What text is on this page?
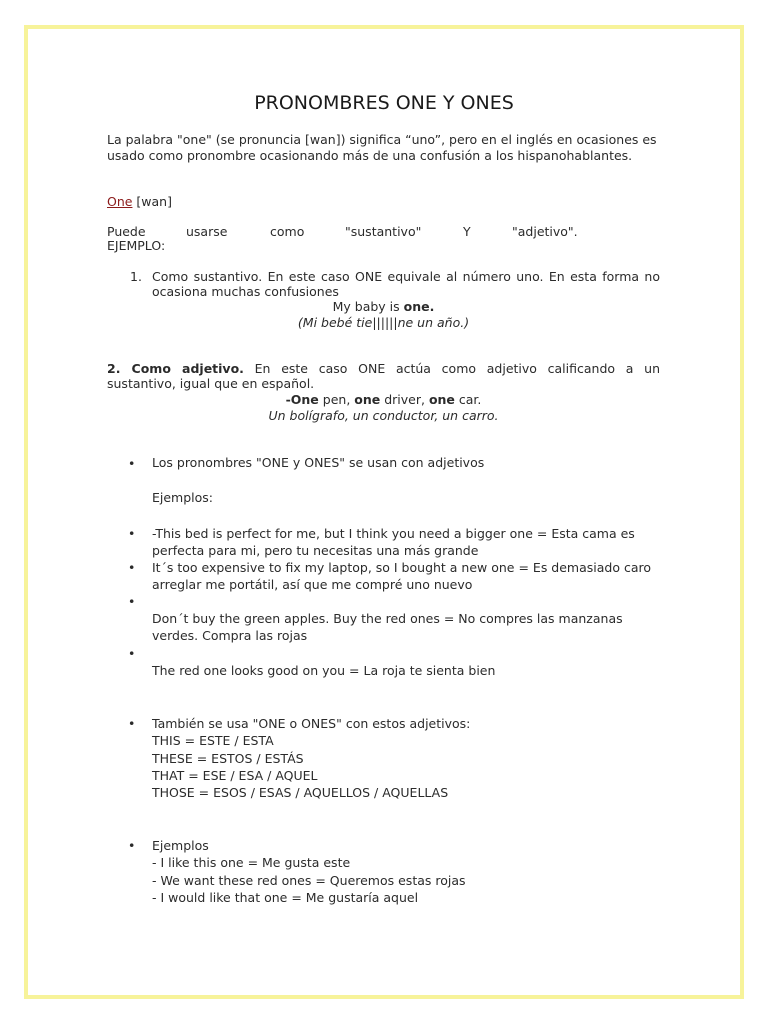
PRONOMBRES ONE Y ONES
La palabra "one" (se pronuncia [wan]) significa “uno”, pero en el inglés en ocasiones es
usado como pronombre ocasionando más de una confusión a los hispanohablantes.
One [wan]
Puede	usarse	como	"sustantivo"	Y	"adjetivo".
EJEMPLO:
1. Como sustantivo. En este caso ONE equivale al número uno. En esta forma no
ocasiona muchas confusiones
My baby is one.
(Mi bebé tie||||||ne un año.)
2. Como adjetivo. En este caso ONE actúa como adjetivo calificando a un
sustantivo, igual que en español.
-One pen, one driver, one car.
Un bolígrafo, un conductor, un carro.
• Los pronombres "ONE y ONES" se usan con adjetivos
Ejemplos:
• -This bed is perfect for me, but I think you need a bigger one = Esta cama es
perfecta para mi, pero tu necesitas una más grande
• It´s too expensive to fix my laptop, so I bought a new one = Es demasiado caro
arreglar me portátil, así que me compré uno nuevo
•
Don´t buy the green apples. Buy the red ones = No compres las manzanas
verdes. Compra las rojas
•
The red one looks good on you = La roja te sienta bien
• También se usa "ONE o ONES" con estos adjetivos:
THIS = ESTE / ESTA
THESE = ESTOS / ESTÁS
THAT = ESE / ESA / AQUEL
THOSE = ESOS / ESAS / AQUELLOS / AQUELLAS
• Ejemplos
- I like this one = Me gusta este
- We want these red ones = Queremos estas rojas
- I would like that one = Me gustaría aquel
